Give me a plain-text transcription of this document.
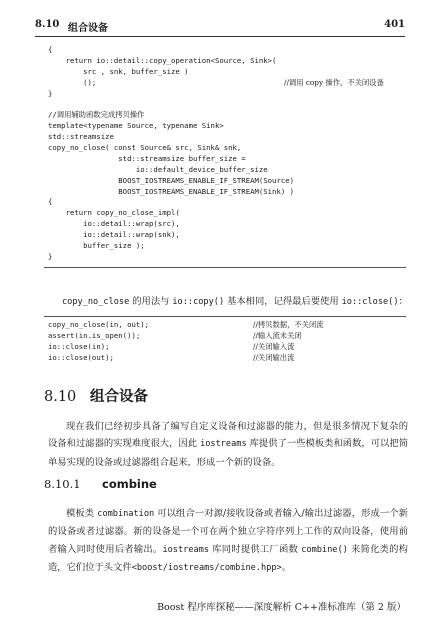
8.10 组合设备	401
{
return io::detail::copy_operation<Source, Sink>(
src , snk, buffer_size )
();	//调用 copy 操作，不关闭设备
}
//调用辅助函数完成拷贝操作
template<typename Source, typename Sink>
std::streamsize
copy_no_close( const Source& src, Sink& snk,
std::streamsize buffer_size =
io::default_device_buffer_size
BOOST_IOSTREAMS_ENABLE_IF_STREAM(Source)
BOOST_IOSTREAMS_ENABLE_IF_STREAM(Sink) )
{
return copy_no_close_impl(
io::detail::wrap(src),
io::detail::wrap(snk),
buffer_size );
}

copy_no_close 的用法与 io::copy() 基本相同，记得最后要使用 io::close()：

copy_no_close(in, out);	//拷贝数据，不关闭流
assert(in.is_open());	//输入流未关闭
io::close(in);	//关闭输入流
io::close(out);	//关闭输出流
8.10 组合设备

现在我们已经初步具备了编写自定义设备和过滤器的能力，但是很多情况下复杂的设备和过滤器的实现难度很大，因此 iostreams 库提供了一些模板类和函数，可以把简单易实现的设备或过滤器组合起来，形成一个新的设备。

8.10.1 combine

模板类 combination 可以组合一对源/接收设备或者输入/输出过滤器，形成一个新的设备或者过滤器。新的设备是一个可在两个独立字符序列上工作的双向设备，使用前者输入同时使用后者输出。iostreams 库同时提供工厂函数 combine() 来简化类的构造，它们位于头文件<boost/iostreams/combine.hpp>。

Boost 程序库探秘——深度解析 C++准标准库（第 2 版）
